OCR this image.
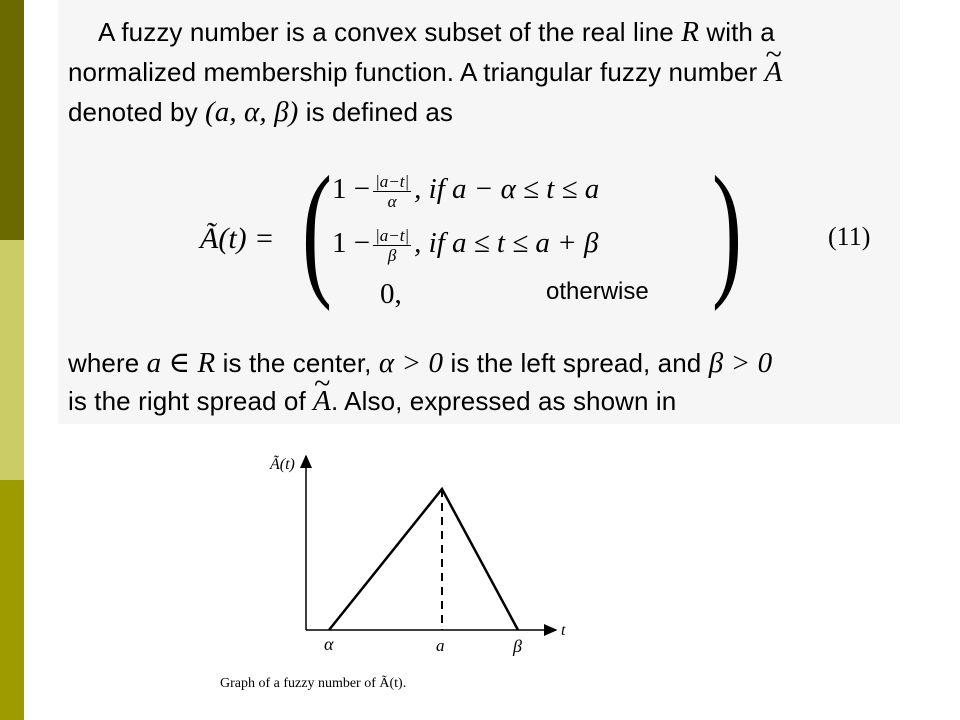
A fuzzy number is a convex subset of the real line R with a
normalized membership function. A triangular fuzzy number ~ A
denoted by (a, α, β) is defined as
Ã(t) = (	)
$1 - \frac{|a-t|}{\alpha}$ , if a − α ≤ t ≤ a
$1 - \frac{|a-t|}{\beta}$ , if a ≤ t ≤ a + β
0,	otherwise
(11)
where a ∈ R is the center, α > 0 is the left spread, and β > 0
is the right spread of ~ A. Also, expressed as shown in
Ã(t)
t
α	a	β
Graph of a fuzzy number of Ã(t).
